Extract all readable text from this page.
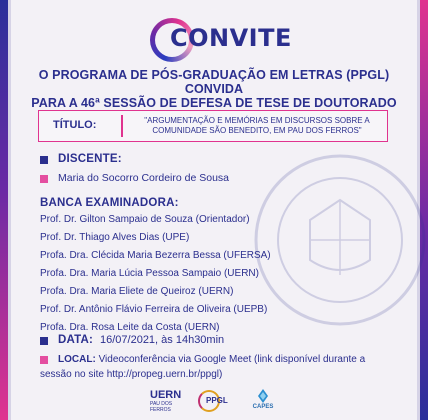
CONVITE
O PROGRAMA DE PÓS-GRADUAÇÃO EM LETRAS (PPGL) CONVIDA
PARA A 46ª SESSÃO DE DEFESA DE TESE DE DOUTORADO
TÍTULO:	"ARGUMENTAÇÃO E MEMÓRIAS EM DISCURSOS SOBRE A
COMUNIDADE SÃO BENEDITO, EM PAU DOS FERROS"
DISCENTE:
Maria do Socorro Cordeiro de Sousa
BANCA EXAMINADORA:
Prof. Dr. Gilton Sampaio de Souza (Orientador)
Prof. Dr. Thiago Alves Dias (UPE)
Profa. Dra. Clécida Maria Bezerra Bessa (UFERSA)
Profa. Dra. Maria Lúcia Pessoa Sampaio (UERN)
Profa. Dra. Maria Eliete de Queiroz (UERN)
Prof. Dr. Antônio Flávio Ferreira de Oliveira (UEPB)
Profa. Dra. Rosa Leite da Costa (UERN)
DATA: 16/07/2021, às 14h30min
LOCAL: Videoconferência via Google Meet (link disponível durante a
sessão no site http://propeg.uern.br/ppgl)
UERN
PAU DOS
FERROS
PPGL
CAPES
